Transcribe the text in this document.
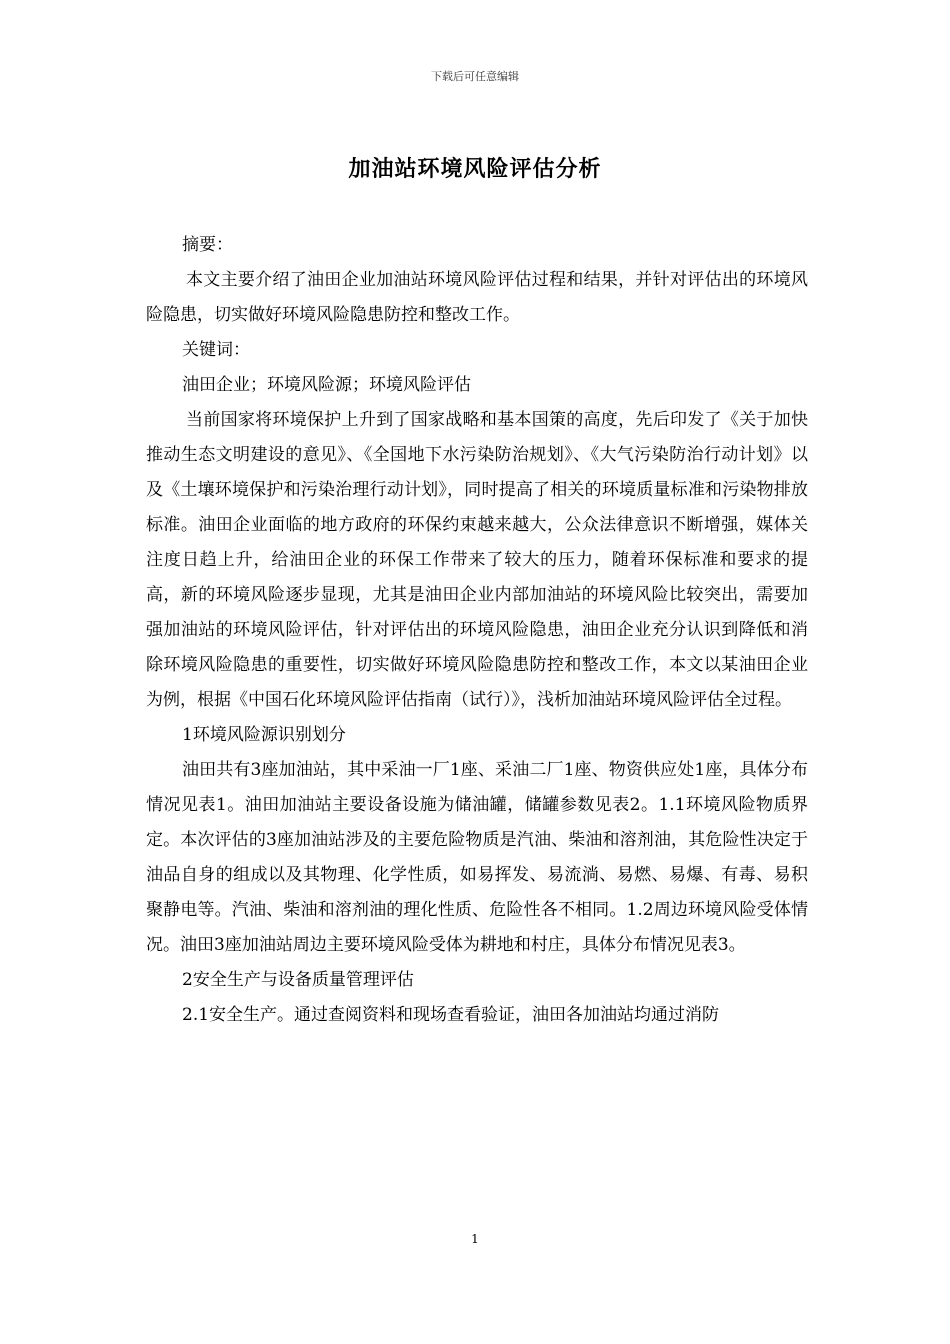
下载后可任意编辑
加油站环境风险评估分析

摘要：

本文主要介绍了油田企业加油站环境风险评估过程和结果，并针对评估出的环境风险隐患，切实做好环境风险隐患防控和整改工作。

关键词：

油田企业；环境风险源；环境风险评估

当前国家将环境保护上升到了国家战略和基本国策的高度，先后印发了《关于加快推动生态文明建设的意见》、《全国地下水污染防治规划》、《大气污染防治行动计划》以及《土壤环境保护和污染治理行动计划》，同时提高了相关的环境质量标准和污染物排放标准。油田企业面临的地方政府的环保约束越来越大，公众法律意识不断增强，媒体关注度日趋上升，给油田企业的环保工作带来了较大的压力，随着环保标准和要求的提高，新的环境风险逐步显现，尤其是油田企业内部加油站的环境风险比较突出，需要加强加油站的环境风险评估，针对评估出的环境风险隐患，油田企业充分认识到降低和消除环境风险隐患的重要性，切实做好环境风险隐患防控和整改工作，本文以某油田企业为例，根据《中国石化环境风险评估指南（试行）》，浅析加油站环境风险评估全过程。

1环境风险源识别划分

油田共有3座加油站，其中采油一厂1座、采油二厂1座、物资供应处1座，具体分布情况见表1。油田加油站主要设备设施为储油罐，储罐参数见表2。1.1环境风险物质界定。本次评估的3座加油站涉及的主要危险物质是汽油、柴油和溶剂油，其危险性决定于油品自身的组成以及其物理、化学性质，如易挥发、易流淌、易燃、易爆、有毒、易积聚静电等。汽油、柴油和溶剂油的理化性质、危险性各不相同。1.2周边环境风险受体情况。油田3座加油站周边主要环境风险受体为耕地和村庄，具体分布情况见表3。

2安全生产与设备质量管理评估

2.1安全生产。通过查阅资料和现场查看验证，油田各加油站均通过消防

1
